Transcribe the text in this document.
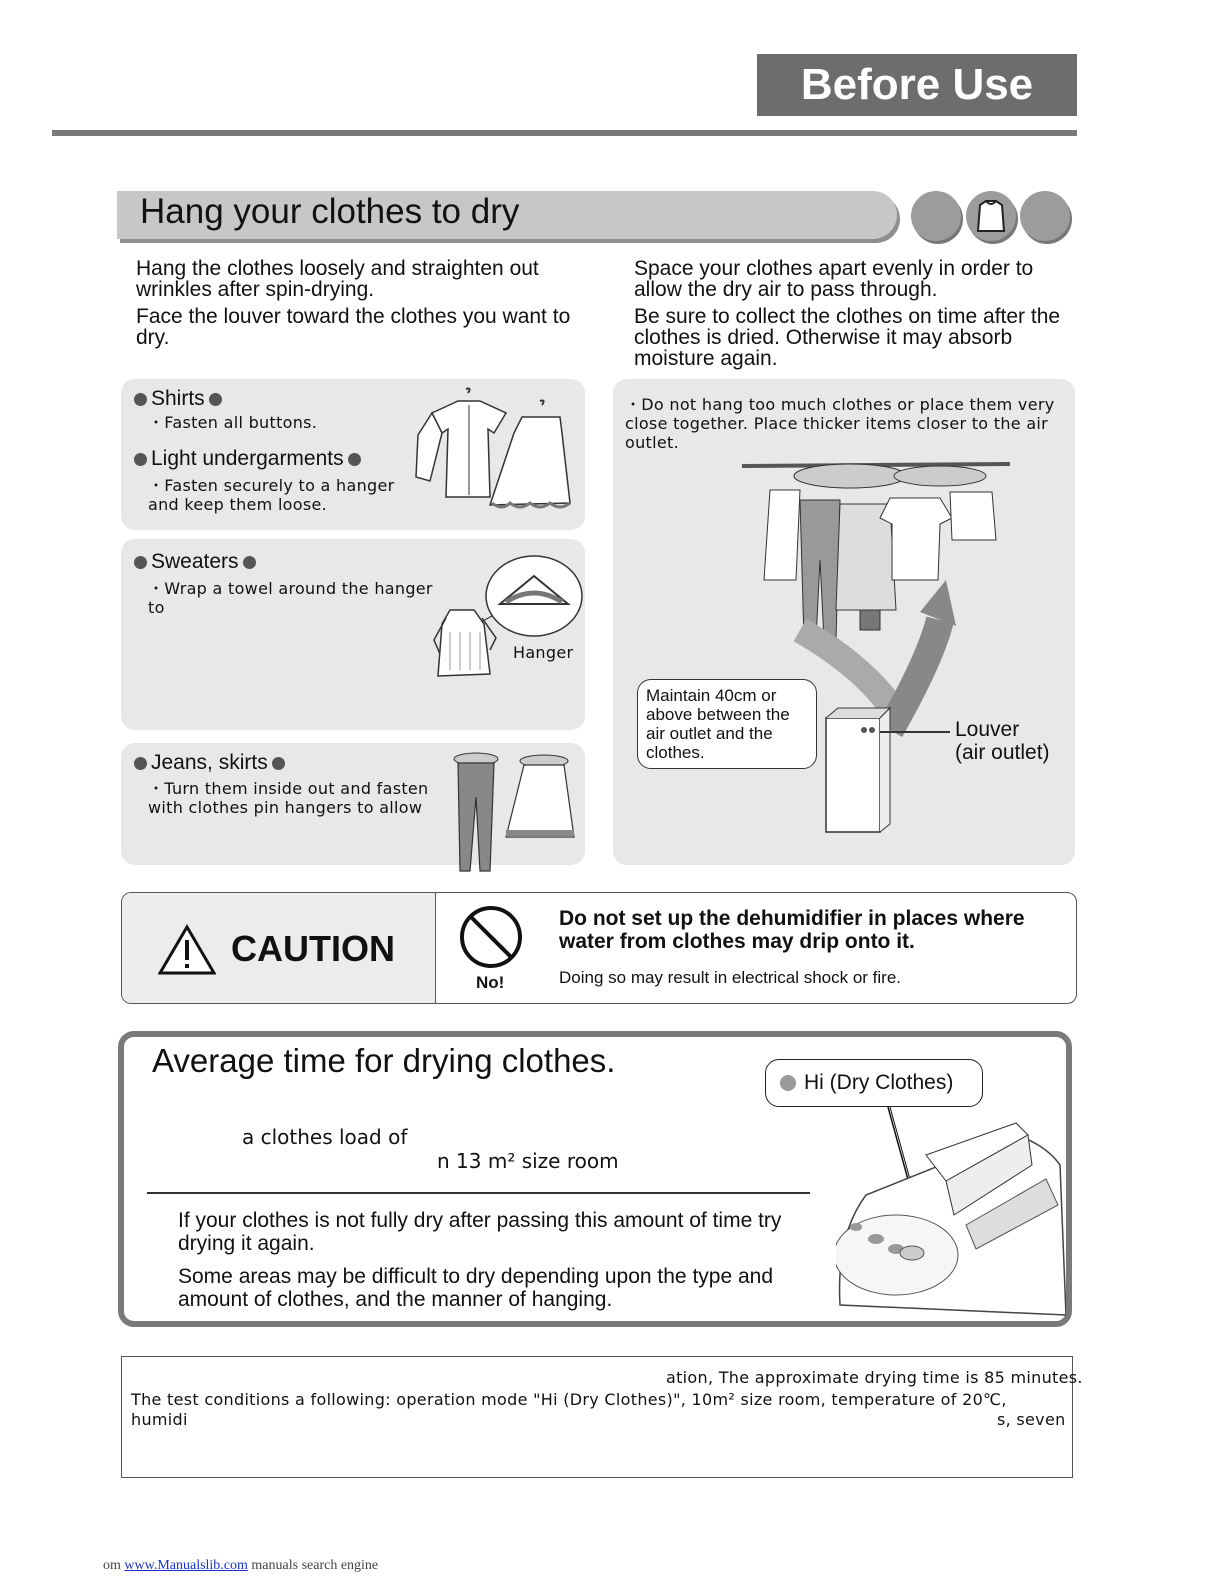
Before Use
Hang your clothes to dry

Hang the clothes loosely and straighten out wrinkles after spin-drying.

Face the louver toward the clothes you want to dry.

Space your clothes apart evenly in order to allow the dry air to pass through.

Be sure to collect the clothes on time after the clothes is dried. Otherwise it may absorb moisture again.

Shirts
・Fasten all buttons.
Light undergarments
・Fasten securely to a hanger and keep them loose.
Sweaters
・Wrap a towel around the hanger to
Hanger
Jeans, skirts
・Turn them inside out and fasten with clothes pin hangers to allow
・Do not hang too much clothes or place them very close together. Place thicker items closer to the air outlet.
Maintain 40cm or above between the air outlet and the clothes.
Louver
(air outlet)
CAUTION
No!
Do not set up the dehumidifier in places where water from clothes may drip onto it.
Doing so may result in electrical shock or fire.
Average time for drying clothes.
Hi (Dry Clothes)
a clothes load of
n 13 m² size room
If your clothes is not fully dry after passing this amount of time try drying it again.
Some areas may be difficult to dry depending upon the type and amount of clothes, and the manner of hanging.
ation, The approximate drying time is 85 minutes.
The test conditions a following: operation mode "Hi (Dry Clothes)", 10m² size room, temperature of 20℃,
humidi	s, seven
om www.Manualslib.com manuals search engine
